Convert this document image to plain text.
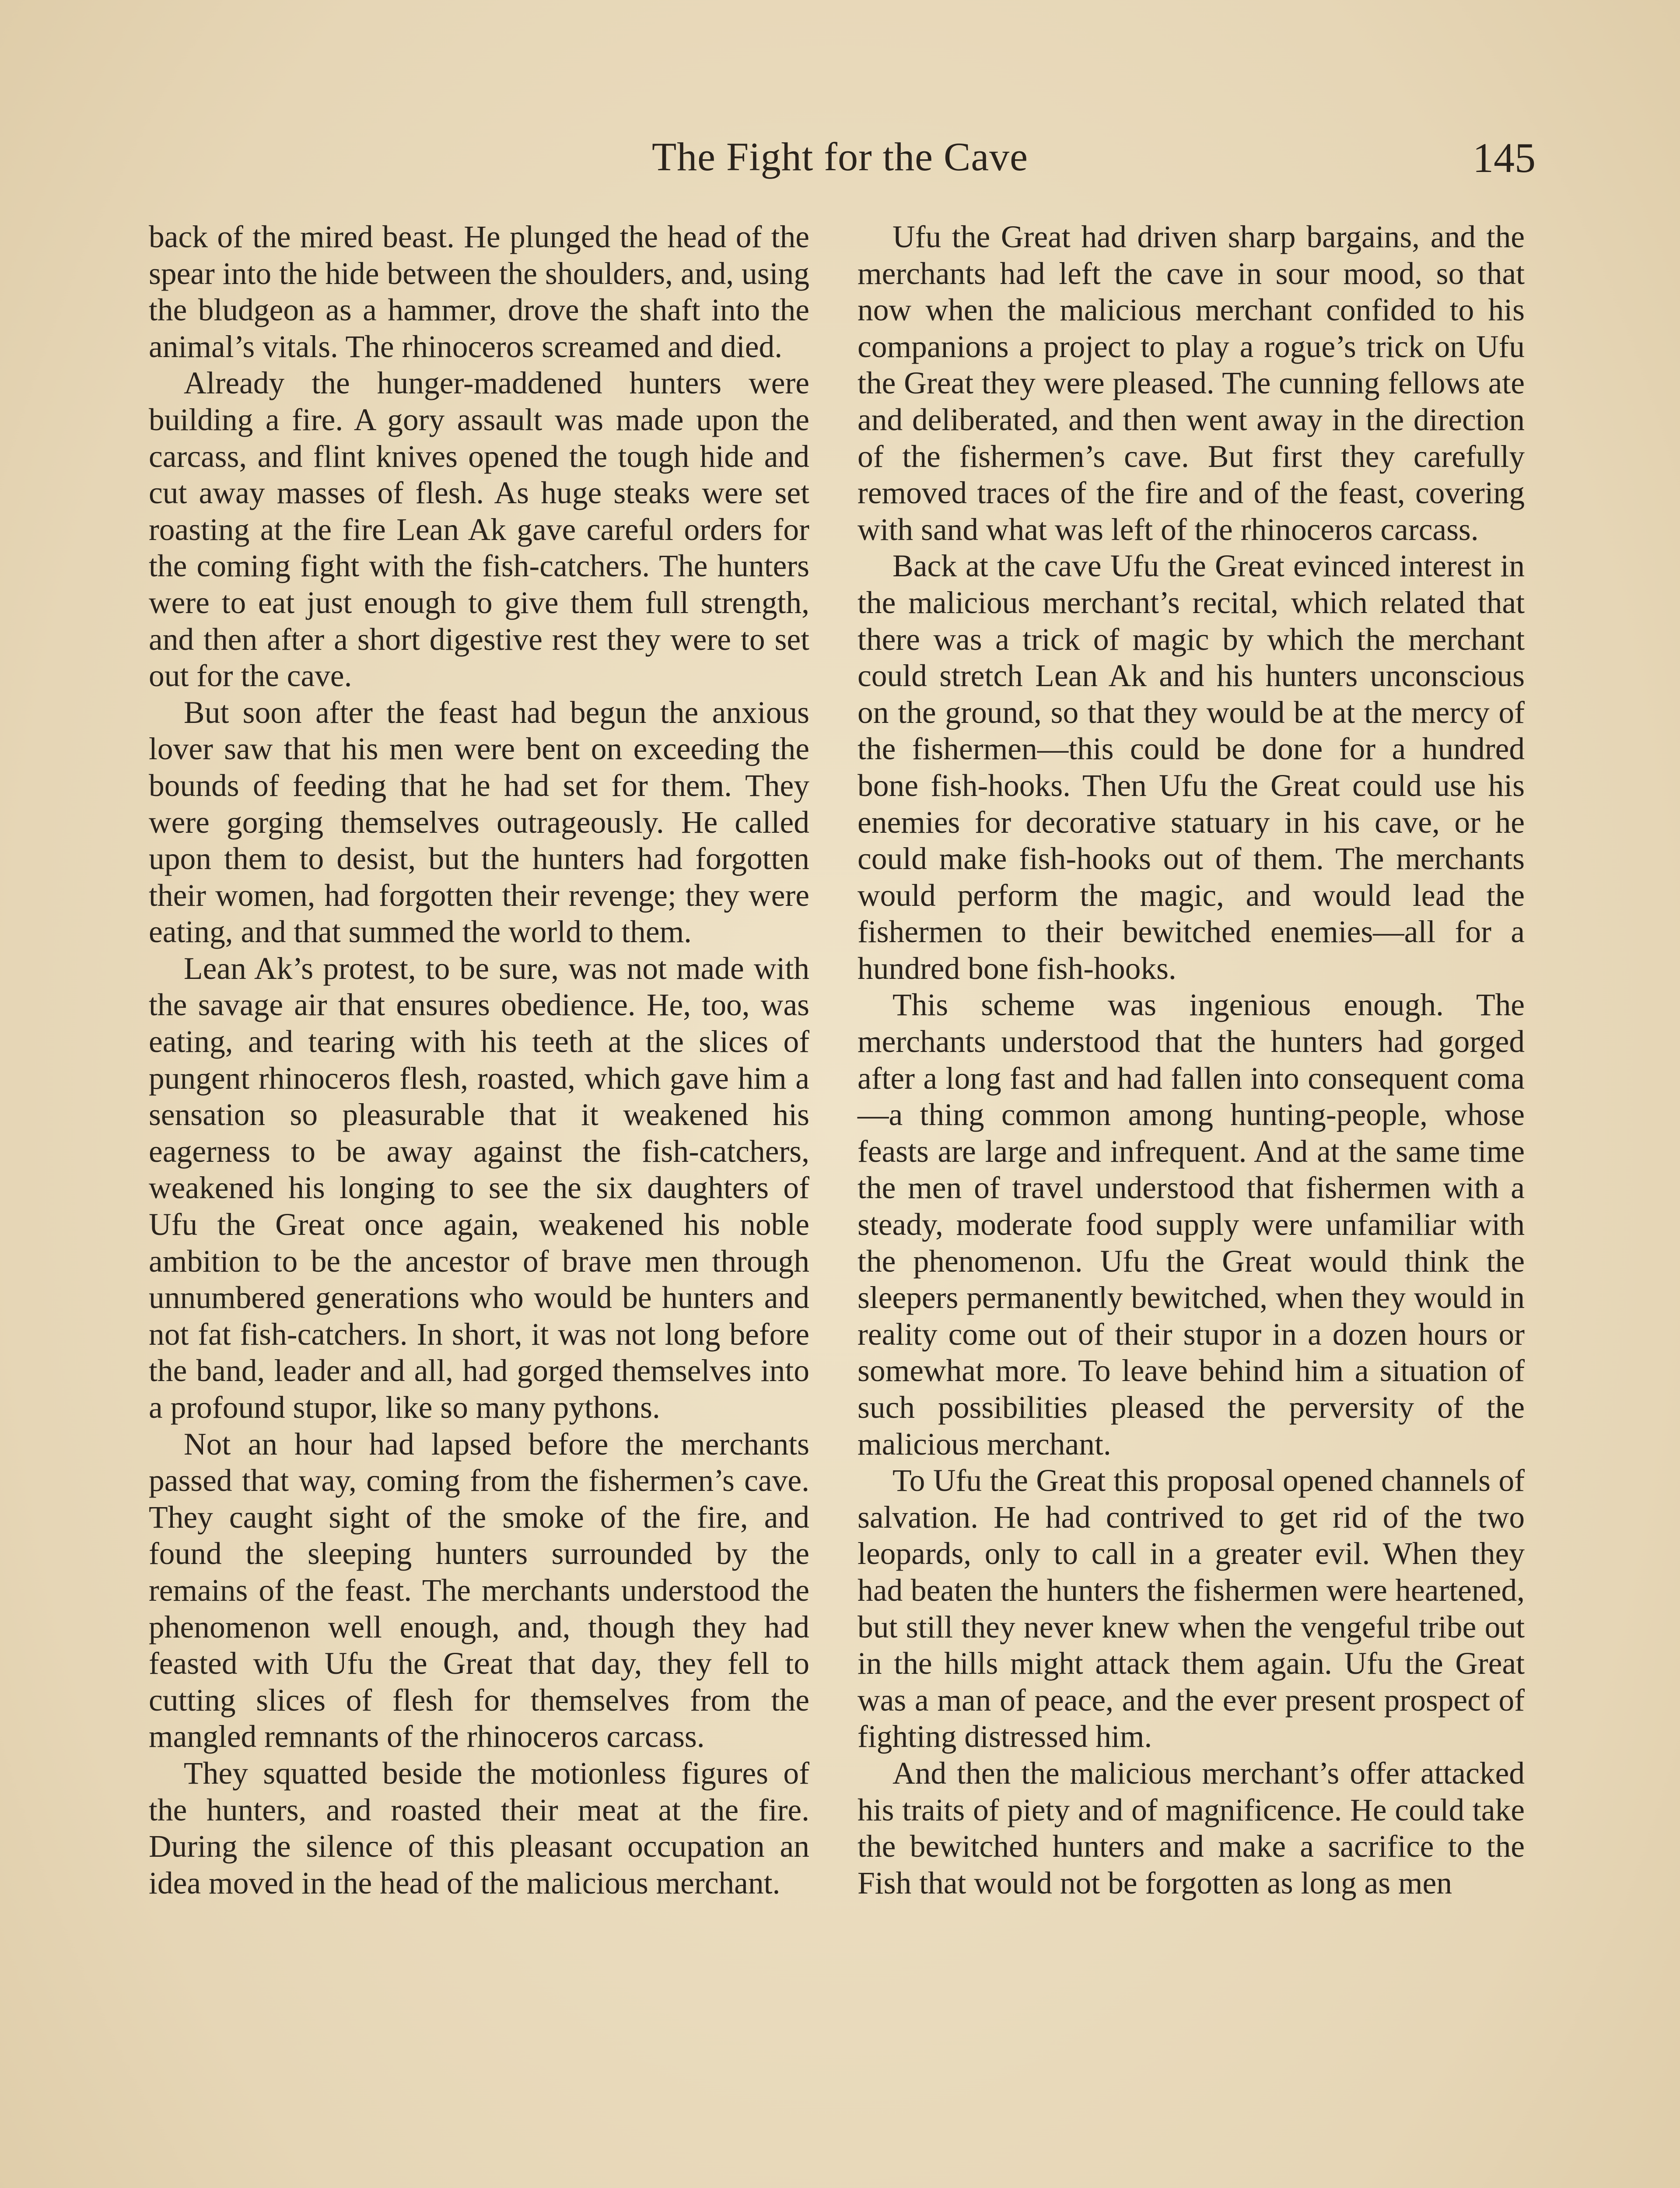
The Fight for the Cave	145

back of the mired beast. He plunged the head of the spear into the hide between the shoulders, and, using the bludgeon as a hammer, drove the shaft into the animal’s vitals. The rhinoceros screamed and died.

Already the hunger-maddened hunters were building a fire. A gory assault was made upon the carcass, and flint knives opened the tough hide and cut away masses of flesh. As huge steaks were set roasting at the fire Lean Ak gave careful orders for the coming fight with the fish-catchers. The hunters were to eat just enough to give them full strength, and then after a short digestive rest they were to set out for the cave.

But soon after the feast had begun the anxious lover saw that his men were bent on exceeding the bounds of feeding that he had set for them. They were gorging themselves outrageously. He called upon them to desist, but the hunters had forgotten their women, had forgotten their revenge; they were eating, and that summed the world to them.

Lean Ak’s protest, to be sure, was not made with the savage air that ensures obedience. He, too, was eating, and tearing with his teeth at the slices of pungent rhinoceros flesh, roasted, which gave him a sensation so pleasurable that it weakened his eagerness to be away against the fish-catchers, weakened his longing to see the six daughters of Ufu the Great once again, weakened his noble ambition to be the ancestor of brave men through unnumbered generations who would be hunters and not fat fish-catchers. In short, it was not long before the band, leader and all, had gorged themselves into a profound stupor, like so many pythons.

Not an hour had lapsed before the merchants passed that way, coming from the fishermen’s cave. They caught sight of the smoke of the fire, and found the sleeping hunters surrounded by the remains of the feast. The merchants understood the phenomenon well enough, and, though they had feasted with Ufu the Great that day, they fell to cutting slices of flesh for themselves from the mangled remnants of the rhinoceros carcass.

They squatted beside the motionless figures of the hunters, and roasted their meat at the fire. During the silence of this pleasant occupation an idea moved in the head of the malicious merchant.

Ufu the Great had driven sharp bargains, and the merchants had left the cave in sour mood, so that now when the malicious merchant confided to his companions a project to play a rogue’s trick on Ufu the Great they were pleased. The cunning fellows ate and deliberated, and then went away in the direction of the fishermen’s cave. But first they carefully removed traces of the fire and of the feast, covering with sand what was left of the rhinoceros carcass.

Back at the cave Ufu the Great evinced interest in the malicious merchant’s recital, which related that there was a trick of magic by which the merchant could stretch Lean Ak and his hunters unconscious on the ground, so that they would be at the mercy of the fishermen—this could be done for a hundred bone fish-hooks. Then Ufu the Great could use his enemies for decorative statuary in his cave, or he could make fish-hooks out of them. The merchants would perform the magic, and would lead the fishermen to their bewitched enemies—all for a hundred bone fish-hooks.

This scheme was ingenious enough. The merchants understood that the hunters had gorged after a long fast and had fallen into consequent coma—a thing common among hunting-people, whose feasts are large and infrequent. And at the same time the men of travel understood that fishermen with a steady, moderate food supply were unfamiliar with the phenomenon. Ufu the Great would think the sleepers permanently bewitched, when they would in reality come out of their stupor in a dozen hours or somewhat more. To leave behind him a situation of such possibilities pleased the perversity of the malicious merchant.

To Ufu the Great this proposal opened channels of salvation. He had contrived to get rid of the two leopards, only to call in a greater evil. When they had beaten the hunters the fishermen were heartened, but still they never knew when the vengeful tribe out in the hills might attack them again. Ufu the Great was a man of peace, and the ever present prospect of fighting distressed him.

And then the malicious merchant’s offer attacked his traits of piety and of magnificence. He could take the bewitched hunters and make a sacrifice to the Fish that would not be forgotten as long as men
